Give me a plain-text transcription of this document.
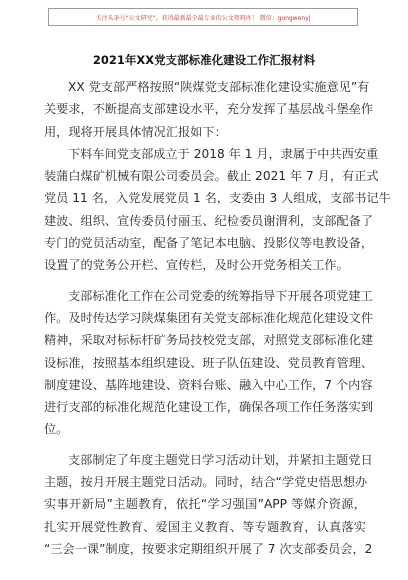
关注头条号“公文研究”，获得最新最全最专业的公文资料库！ 微信：gongwenyj
2021年XX党支部标准化建设工作汇报材料
XX 党支部严格按照“陕煤党支部标准化建设实施意见”有
关要求，不断提高支部建设水平，充分发挥了基层战斗堡垒作
用，现将开展具体情况汇报如下：
下料车间党支部成立于 2018 年 1 月，隶属于中共西安重
装蒲白煤矿机械有限公司委员会。截止 2021 年 7 月，有正式
党员 11 名，入党发展党员 1 名，支委由 3 人组成，支部书记牛
建波、组织、宣传委员付丽玉、纪检委员谢渭利，支部配备了
专门的党员活动室，配备了笔记本电脑、投影仪等电教设备，
设置了的党务公开栏、宣传栏，及时公开党务相关工作。
支部标准化工作在公司党委的统筹指导下开展各项党建工
作。及时传达学习陕煤集团有关党支部标准化规范化建设文件
精神，采取对标标杆矿务局技校党支部，对照党支部标准化建
设标准，按照基本组织建设、班子队伍建设、党员教育管理、
制度建设、基阵地建设、资料台账、融入中心工作，7 个内容
进行支部的标准化规范化建设工作，确保各项工作任务落实到
位。
支部制定了年度主题党日学习活动计划，并紧扣主题党日
主题，按月开展主题党日活动。同时，结合“学党史悟思想办
实事开新局”主题教育，依托“学习强国”APP 等媒介资源，
扎实开展党性教育、爱国主义教育、等专题教育，认真落实
“三会一课”制度，按要求定期组织开展了 7 次支部委员会，2
